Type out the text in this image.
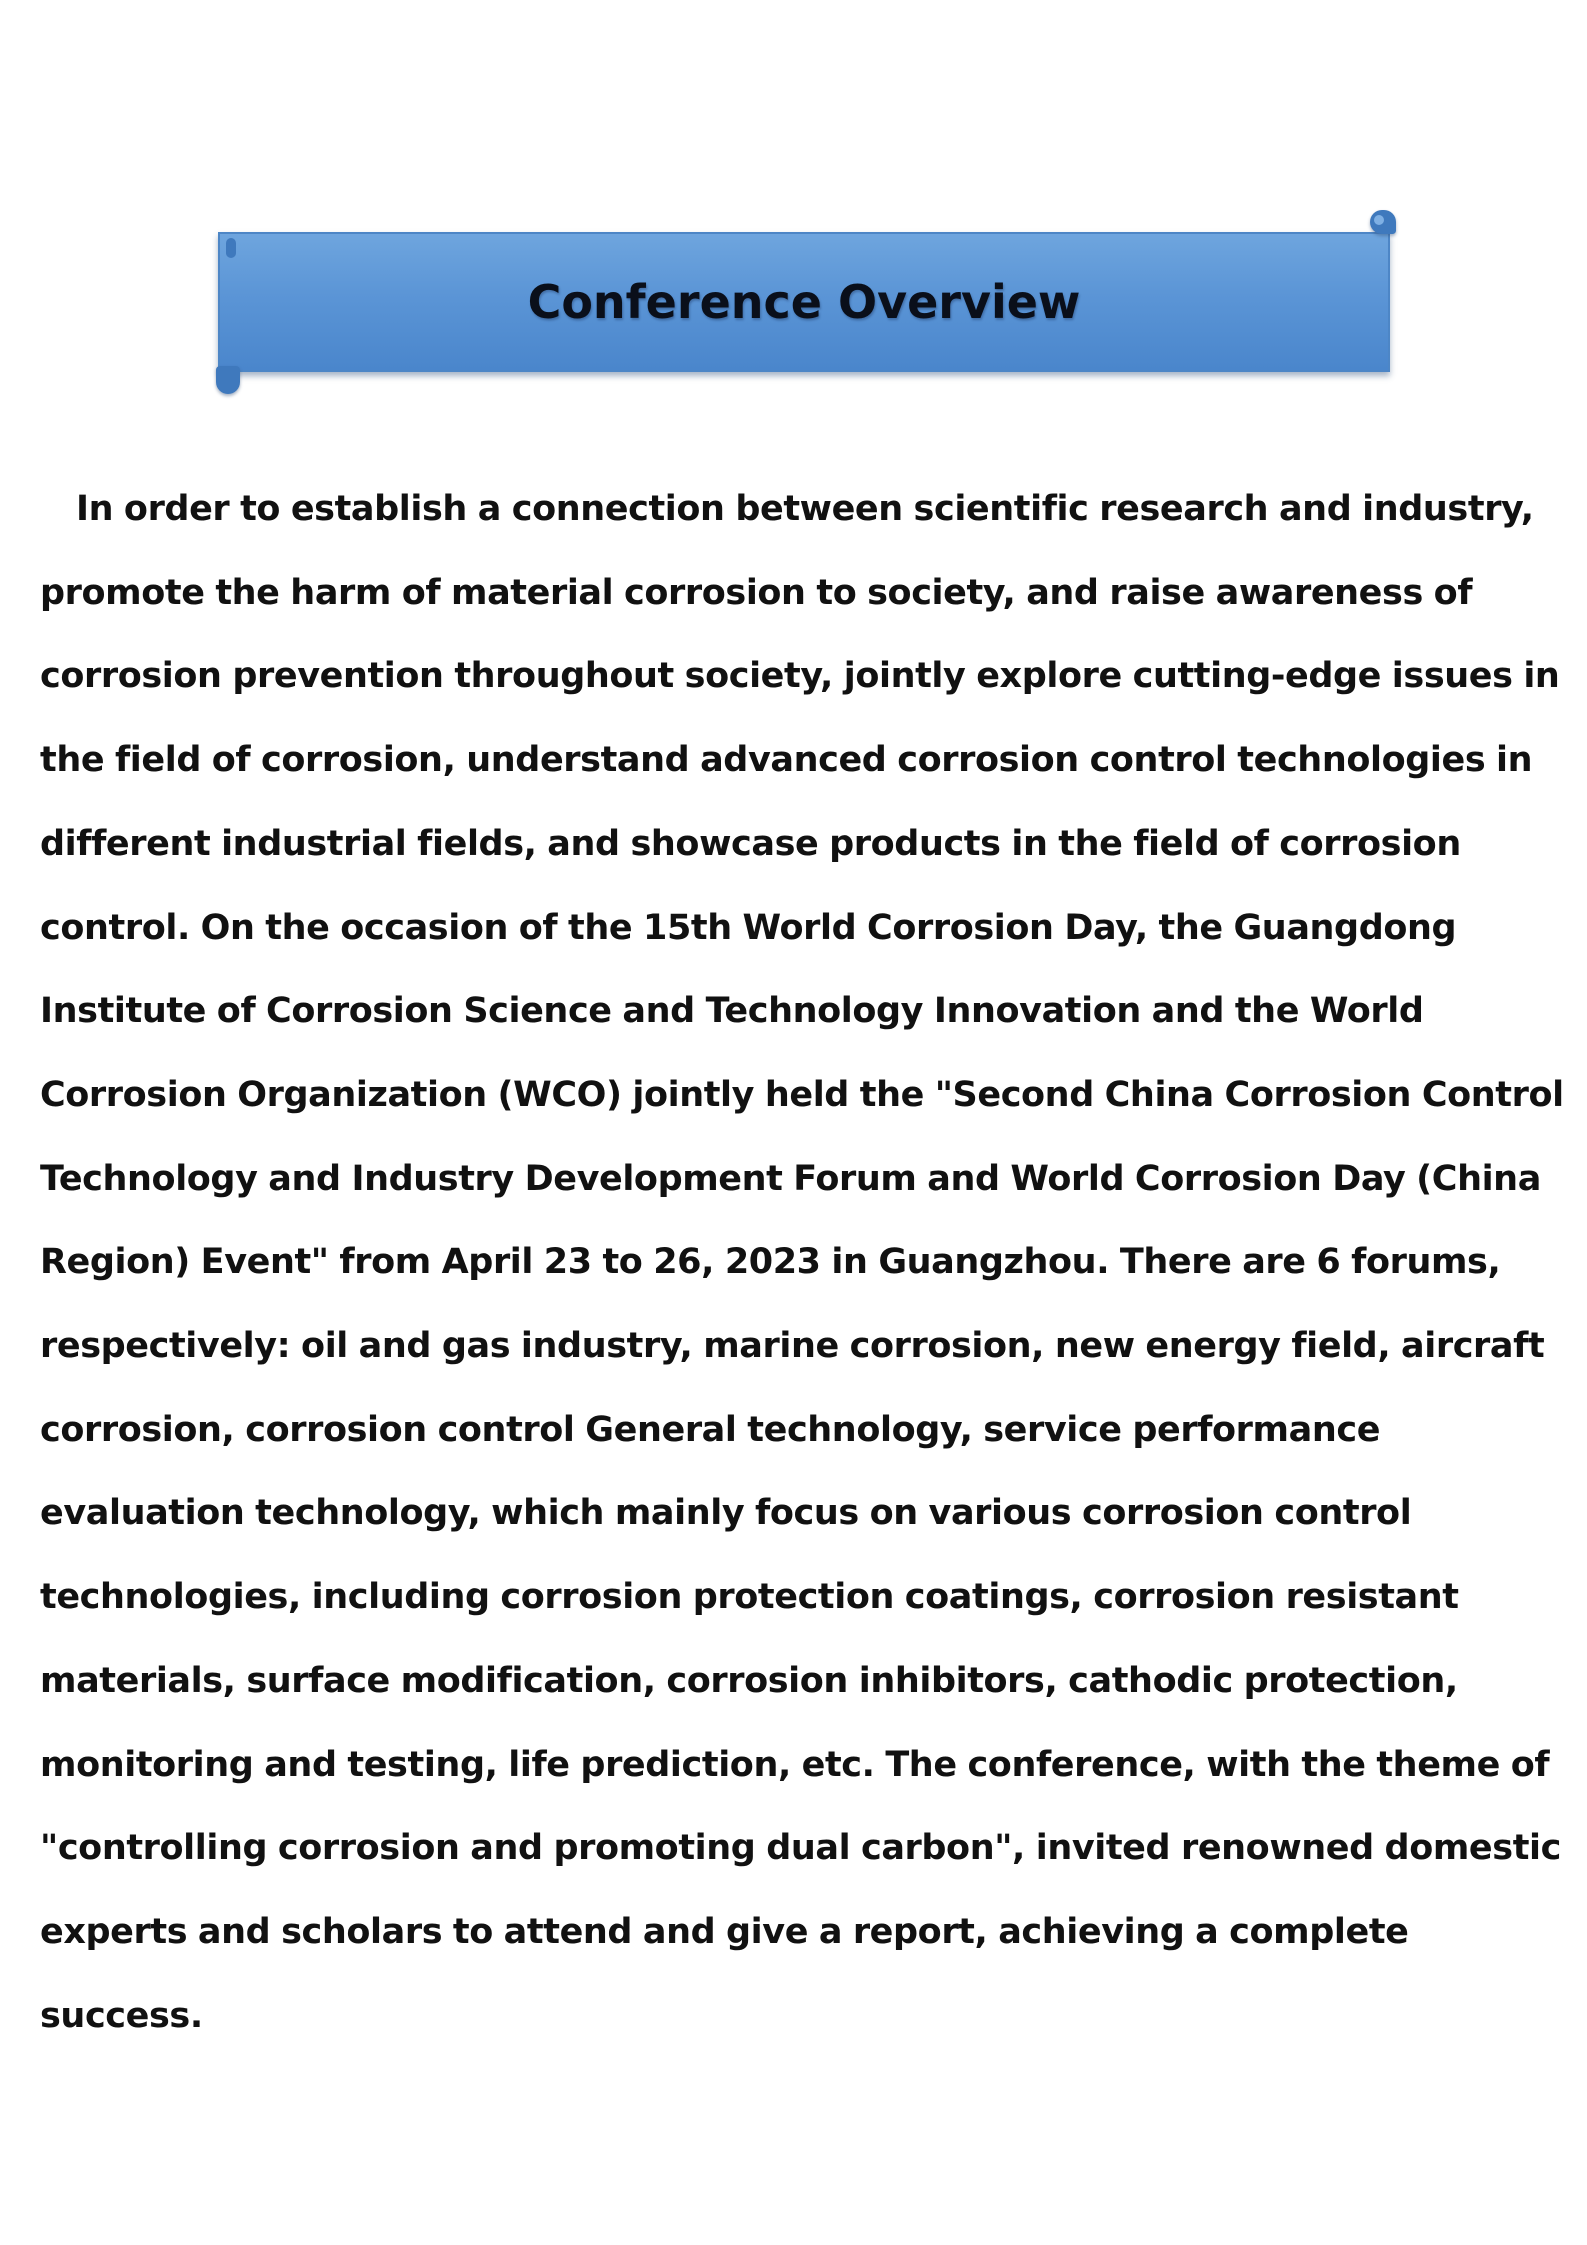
Conference Overview

In order to establish a connection between scientific research and industry, promote the harm of material corrosion to society, and raise awareness of corrosion prevention throughout society, jointly explore cutting-edge issues in the field of corrosion, understand advanced corrosion control technologies in different industrial fields, and showcase products in the field of corrosion control. On the occasion of the 15th World Corrosion Day, the Guangdong Institute of Corrosion Science and Technology Innovation and the World Corrosion Organization (WCO) jointly held the "Second China Corrosion Control Technology and Industry Development Forum and World Corrosion Day (China Region) Event" from April 23 to 26, 2023 in Guangzhou. There are 6 forums, respectively: oil and gas industry, marine corrosion, new energy field, aircraft corrosion, corrosion control General technology, service performance evaluation technology, which mainly focus on various corrosion control technologies, including corrosion protection coatings, corrosion resistant materials, surface modification, corrosion inhibitors, cathodic protection, monitoring and testing, life prediction, etc. The conference, with the theme of "controlling corrosion and promoting dual carbon", invited renowned domestic experts and scholars to attend and give a report, achieving a complete success.
